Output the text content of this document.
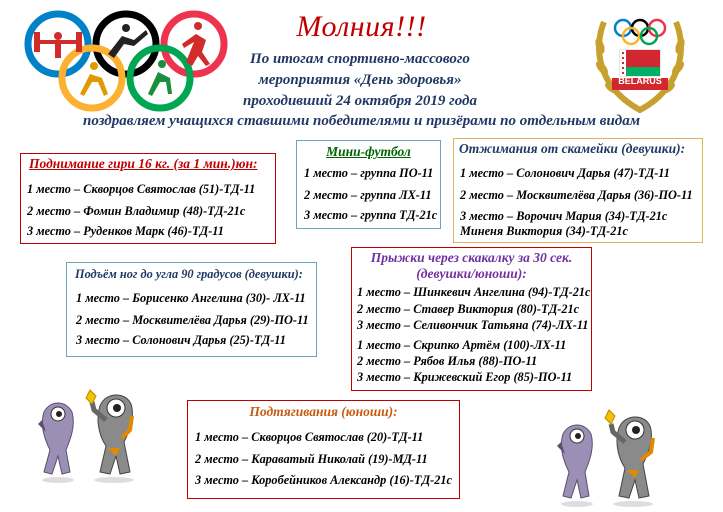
BELARUS
Молния!!!
По итогам спортивно-массового
мероприятия «День здоровья»
проходивший 24 октября 2019 года
поздравляем учащихся ставшими победителями и призёрами по отдельным видам
Поднимание гири 16 кг. (за 1 мин.)юн:
1 место – Скворцов Святослав (51)-ТД-11
2 место – Фомин Владимир (48)-ТД-21с
3 место – Руденков Марк (46)-ТД-11
Мини-футбол
1 место – группа ПО-11
2 место – группа ЛХ-11
3 место – группа ТД-21с
Отжимания от скамейки (девушки):
1 место – Солонович Дарья (47)-ТД-11
2 место – Москвителёва Дарья (36)-ПО-11
3 место – Ворочич Мария (34)-ТД-21с
Миненя Виктория (34)-ТД-21с
Подъём ног до угла 90 градусов (девушки):
1 место – Борисенко Ангелина (30)- ЛХ-11
2 место – Москвителёва Дарья (29)-ПО-11
3 место – Солонович Дарья (25)-ТД-11
Прыжки через скакалку за 30 сек. (девушки/юноши):
1 место – Шинкевич Ангелина (94)-ТД-21с
2 место – Ставер Виктория (80)-ТД-21с
3 место – Селивончик Татьяна (74)-ЛХ-11
1 место – Скрипко Артём (100)-ЛХ-11
2 место – Рябов Илья (88)-ПО-11
3 место – Крижевский Егор (85)-ПО-11
Подтягивания (юноши):
1 место – Скворцов Святослав (20)-ТД-11
2 место – Караватый Николай (19)-МД-11
3 место – Коробейников Александр (16)-ТД-21с
